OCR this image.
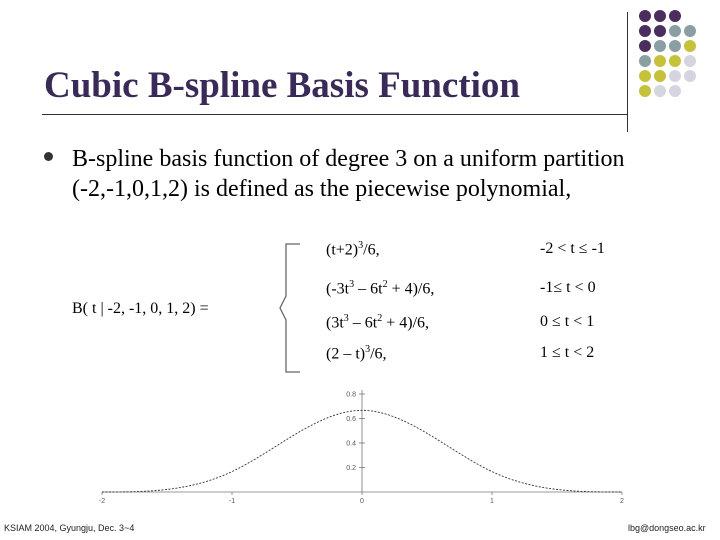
Cubic B-spline Basis Function

B-spline basis function of degree 3 on a uniform partition (-2,-1,0,1,2) is defined as the piecewise polynomial,

B( t | -2, -1, 0, 1, 2) =
$(t+2)^3/6$,	-2 < t ≤ -1
$(-3t^3 - 6t^2 + 4)/6$,	-1≤ t < 0
$(3t^3 - 6t^2 + 4)/6$,	0 ≤ t < 1
(2 – t)$^3$/6,	1 ≤ t < 2
-2	-1	0	1	2
0.2
0.4
0.6
0.8
KSIAM 2004, Gyungju, Dec. 3~4	lbg@dongseo.ac.kr
